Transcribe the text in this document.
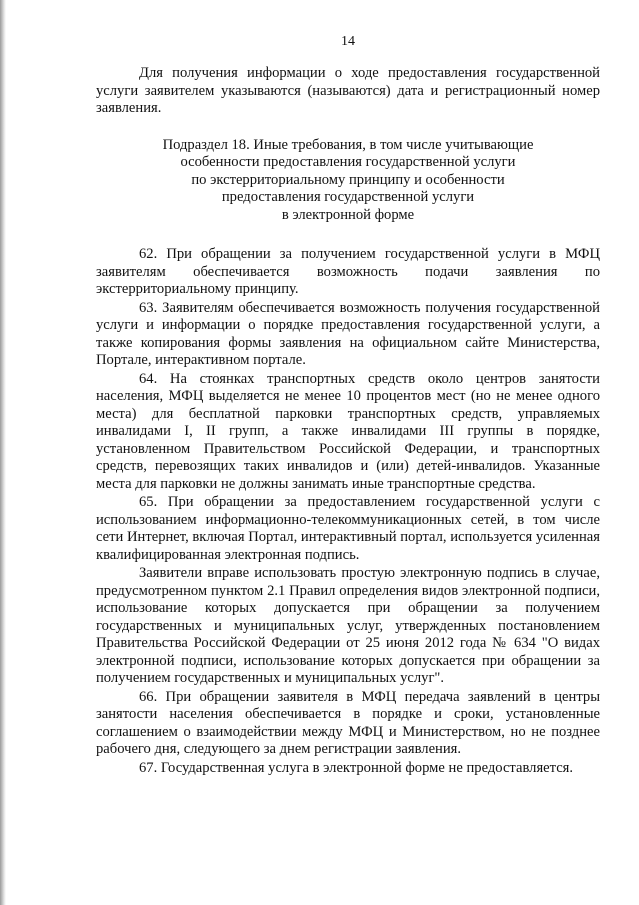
14

Для получения информации о ходе предоставления государственной услуги заявителем указываются (называются) дата и регистрационный номер заявления.

Подраздел 18. Иные требования, в том числе учитывающие
особенности предоставления государственной услуги
по экстерриториальному принципу и особенности
предоставления государственной услуги
в электронной форме

62. При обращении за получением государственной услуги в МФЦ заявителям обеспечивается возможность подачи заявления по экстерриториальному принципу.

63. Заявителям обеспечивается возможность получения государственной услуги и информации о порядке предоставления государственной услуги, а также копирования формы заявления на официальном сайте Министерства, Портале, интерактивном портале.

64. На стоянках транспортных средств около центров занятости населения, МФЦ выделяется не менее 10 процентов мест (но не менее одного места) для бесплатной парковки транспортных средств, управляемых инвалидами I, II групп, а также инвалидами III группы в порядке, установленном Правительством Российской Федерации, и транспортных средств, перевозящих таких инвалидов и (или) детей-инвалидов. Указанные места для парковки не должны занимать иные транспортные средства.

65. При обращении за предоставлением государственной услуги с использованием информационно-телекоммуникационных сетей, в том числе сети Интернет, включая Портал, интерактивный портал, используется усиленная квалифицированная электронная подпись.

Заявители вправе использовать простую электронную подпись в случае, предусмотренном пунктом 2.1 Правил определения видов электронной подписи, использование которых допускается при обращении за получением государственных и муниципальных услуг, утвержденных постановлением Правительства Российской Федерации от 25 июня 2012 года № 634 "О видах электронной подписи, использование которых допускается при обращении за получением государственных и муниципальных услуг".

66. При обращении заявителя в МФЦ передача заявлений в центры занятости населения обеспечивается в порядке и сроки, установленные соглашением о взаимодействии между МФЦ и Министерством, но не позднее рабочего дня, следующего за днем регистрации заявления.

67. Государственная услуга в электронной форме не предоставляется.
